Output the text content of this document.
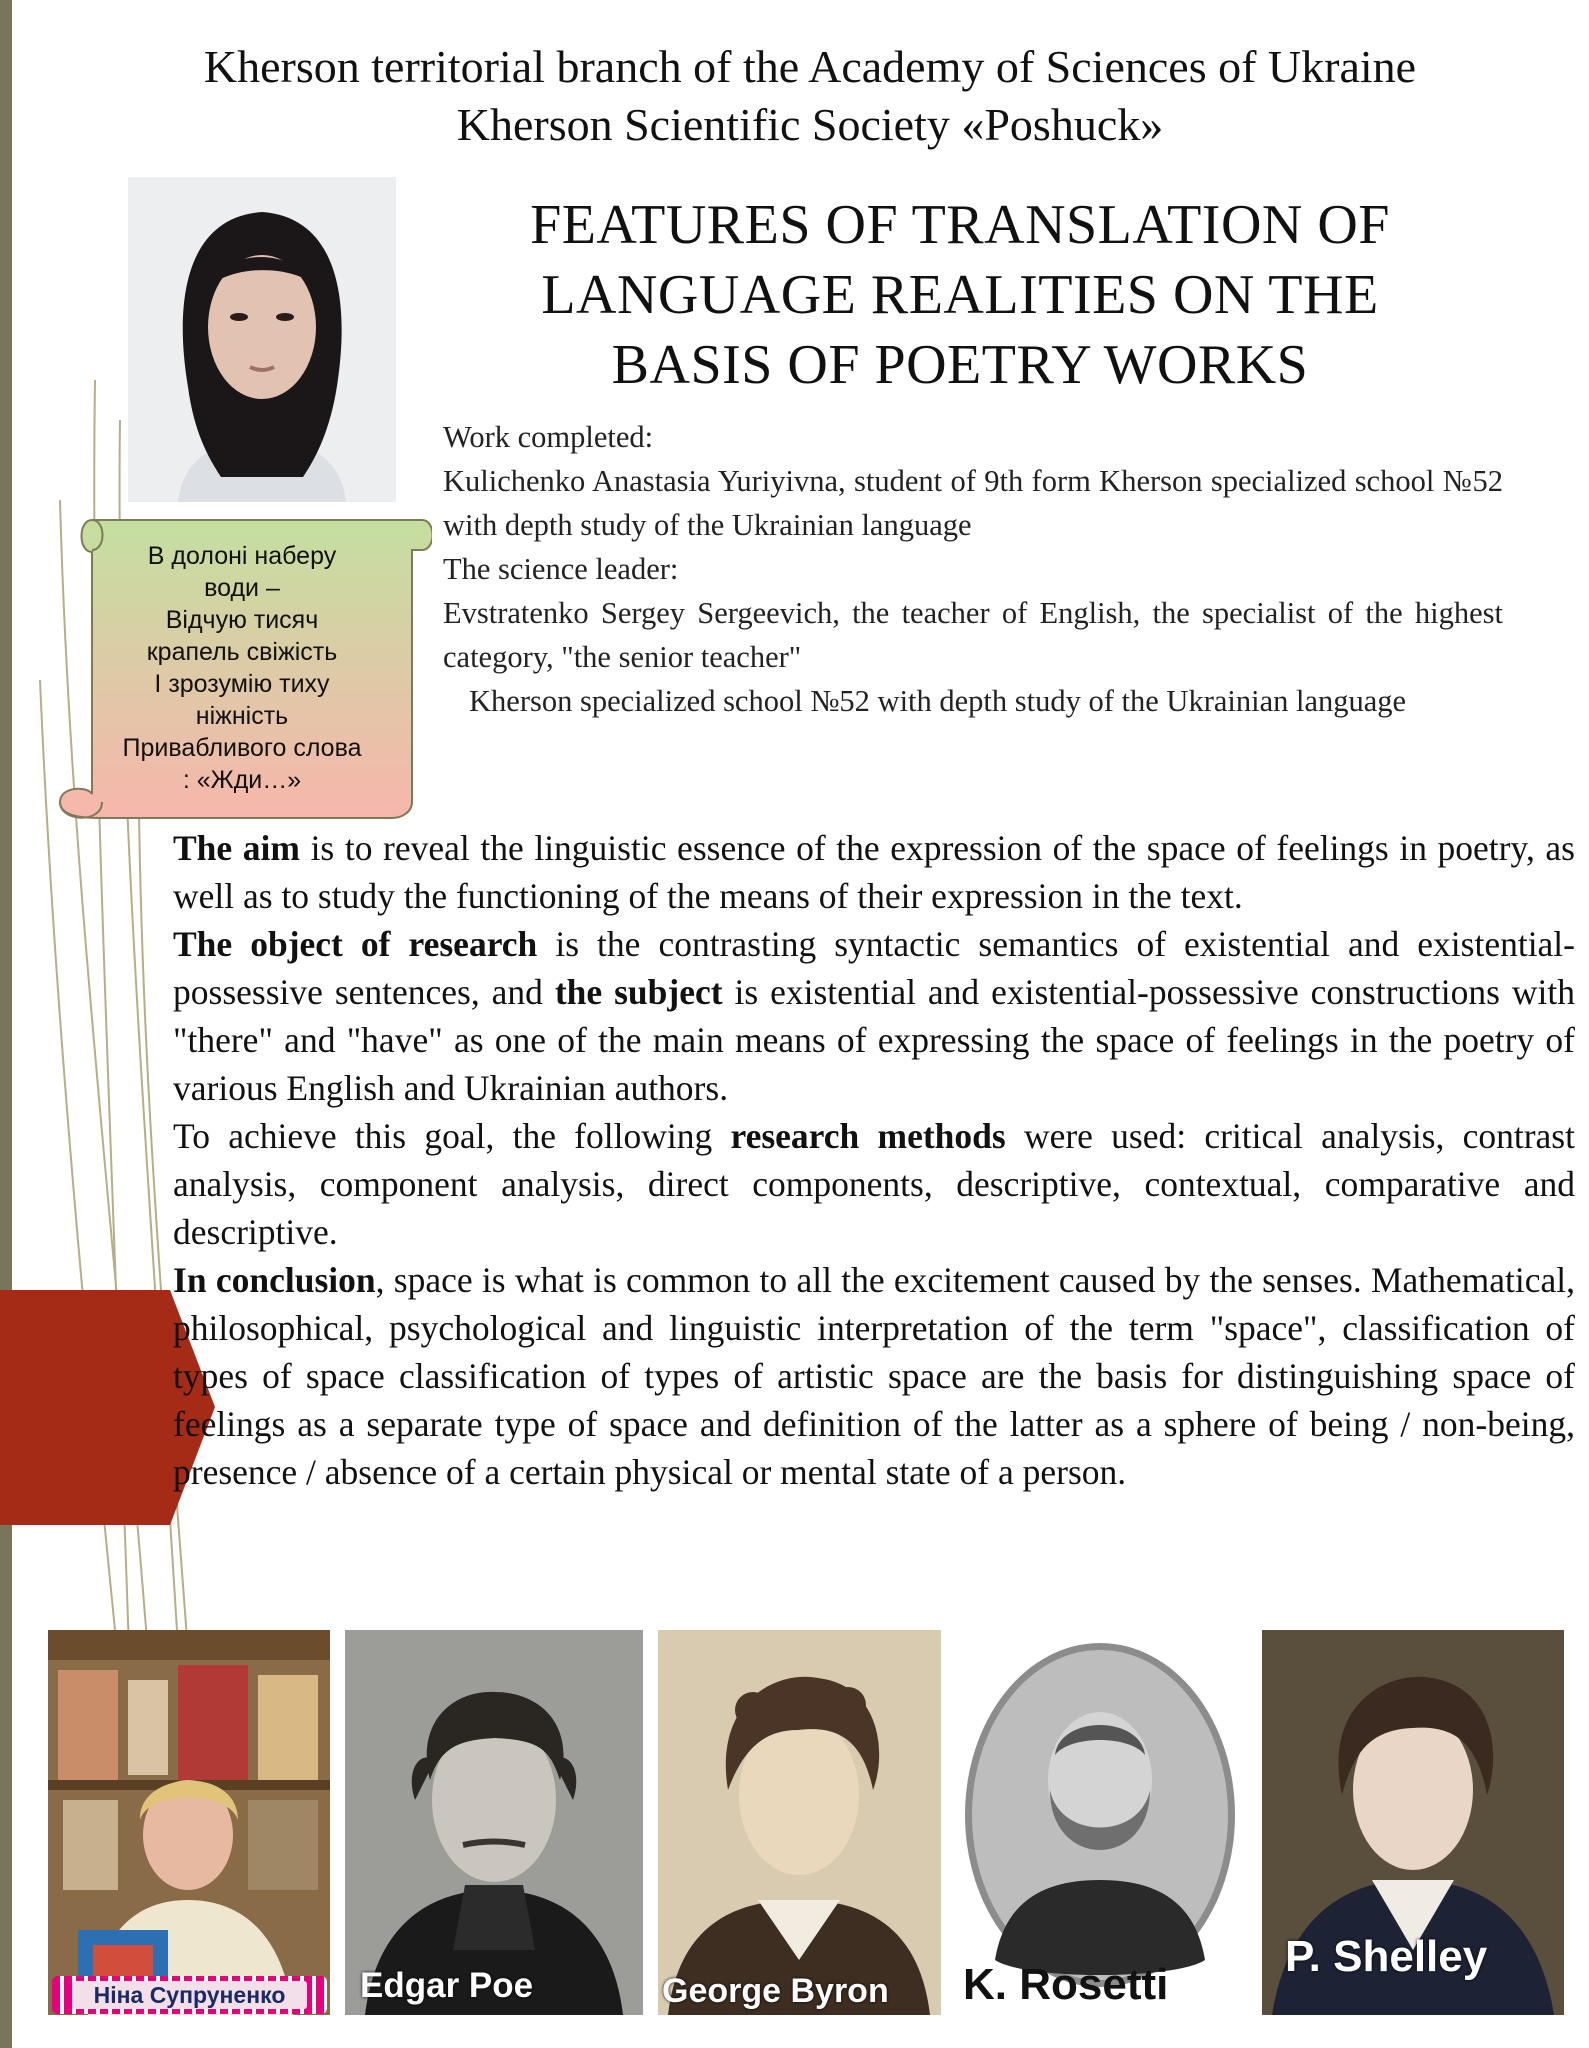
Kherson territorial branch of the Academy of Sciences of Ukraine
Kherson Scientific Society «Poshuck»
FEATURES OF TRANSLATION OF
LANGUAGE REALITIES ON THE
BASIS OF POETRY WORKS
В долоні наберу
води –
Відчую тисяч
крапель свіжість
І зрозумію тиху
ніжність
Привабливого слова
: «Жди…»
Work completed:
Kulichenko Anastasia Yuriyivna, student of 9th form Kherson specialized school №52 with depth study of the Ukrainian language
The science leader:
Evstratenko Sergey Sergeevich, the teacher of English, the specialist of the highest category, "the senior teacher"
Kherson specialized school №52 with depth study of the Ukrainian language

The aim is to reveal the linguistic essence of the expression of the space of feelings in poetry, as well as to study the functioning of the means of their expression in the text.

The object of research is the contrasting syntactic semantics of existential and existential-possessive sentences, and the subject is existential and existential-possessive constructions with "there" and "have" as one of the main means of expressing the space of feelings in the poetry of various English and Ukrainian authors.

To achieve this goal, the following research methods were used: critical analysis, contrast analysis, component analysis, direct components, descriptive, contextual, comparative and descriptive.

In conclusion, space is what is common to all the excitement caused by the senses. Mathematical, philosophical, psychological and linguistic interpretation of the term "space", classification of types of space classification of types of artistic space are the basis for distinguishing space of feelings as a separate type of space and definition of the latter as a sphere of being / non-being, presence / absence of a certain physical or mental state of a person.

Ніна Супруненко	Edgar Poe	George Byron K. Rosetti
P. Shelley
